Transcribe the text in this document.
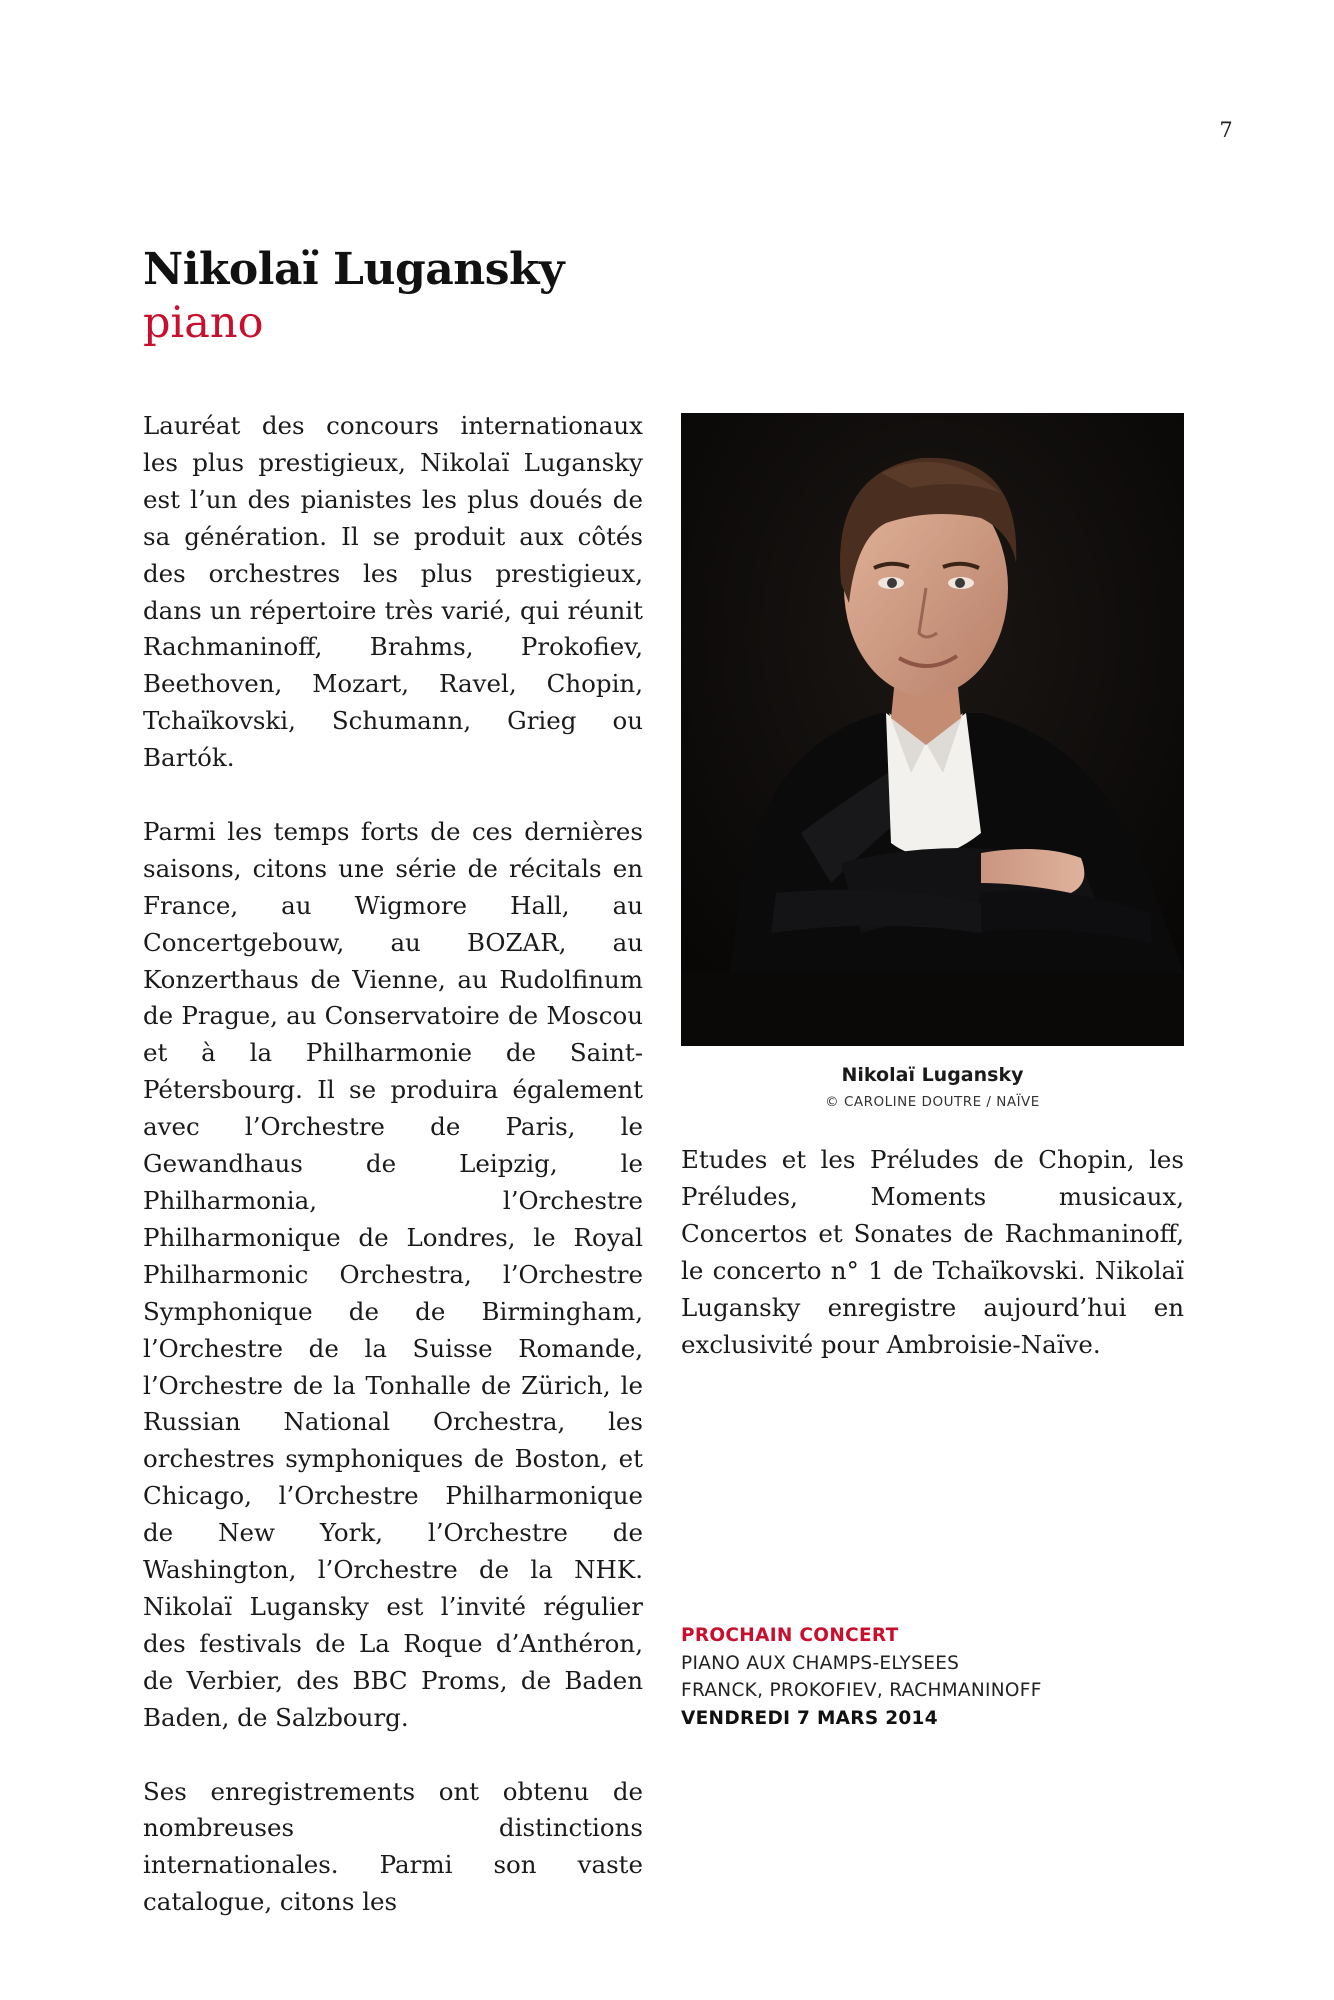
7
Nikolaï Lugansky
piano

Lauréat des concours internationaux les plus prestigieux, Nikolaï Lugansky est l’un des pianistes les plus doués de sa génération. Il se produit aux côtés des orchestres les plus prestigieux, dans un répertoire très varié, qui réunit Rachmaninoff, Brahms, Prokofiev, Beethoven, Mozart, Ravel, Chopin, Tchaïkovski, Schumann, Grieg ou Bartók.

Parmi les temps forts de ces dernières saisons, citons une série de récitals en France, au Wigmore Hall, au Concertgebouw, au BOZAR, au Konzerthaus de Vienne, au Rudolfinum de Prague, au Conservatoire de Moscou et à la Philharmonie de Saint-Pétersbourg. Il se produira également avec l’Orchestre de Paris, le Gewandhaus de Leipzig, le Philharmonia, l’Orchestre Philharmonique de Londres, le Royal Philharmonic Orchestra, l’Orchestre Symphonique de de Birmingham, l’Orchestre de la Suisse Romande, l’Orchestre de la Tonhalle de Zürich, le Russian National Orchestra, les orchestres symphoniques de Boston, et Chicago, l’Orchestre Philharmonique de New York, l’Orchestre de Washington, l’Orchestre de la NHK. Nikolaï Lugansky est l’invité régulier des festivals de La Roque d’Anthéron, de Verbier, des BBC Proms, de Baden Baden, de Salzbourg.

Ses enregistrements ont obtenu de nombreuses distinctions internationales. Parmi son vaste catalogue, citons les

Nikolaï Lugansky
© CAROLINE DOUTRE / NAÏVE

Etudes et les Préludes de Chopin, les Préludes, Moments musicaux, Concertos et Sonates de Rachmaninoff, le concerto n° 1 de Tchaïkovski. Nikolaï Lugansky enregistre aujourd’hui en exclusivité pour Ambroisie-Naïve.

PROCHAIN CONCERT
PIANO AUX CHAMPS-ELYSEES
FRANCK, PROKOFIEV, RACHMANINOFF
VENDREDI 7 MARS 2014
